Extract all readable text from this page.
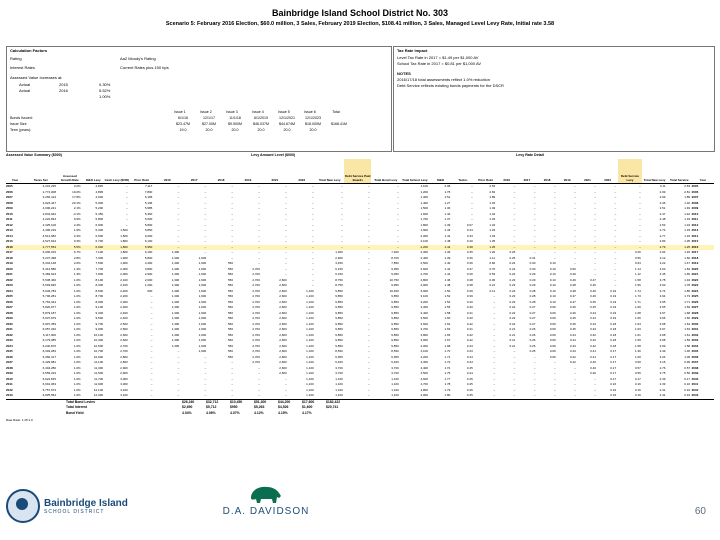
Bainbridge Island School District No. 303
Scenario 5: February 2016 Election, $60.0 million, 3 Sales, February 2019 Election, $108.41 million, 3 Sales, Managed Level Levy Rate, Initial rate 3.58
Calculation Factors
Rating	Aa2 Moody's Rating
Interest Rates	Current Rates plus 150 bps
Assessed Value Increases at:
Actual	2015	0.30%
Actual	2016	5.52%
1.00%
Issue 1	Issue 2	Issue 3	Issue 4	Issue 5	Issue 6	Total
Bonds Issued:	6/1/16	12/1/17	11/1/18	6/1/2019	12/1/2021	12/1/2023
Issue Size	$23.47M	$27.00M	$9.500M	$46.037M	$44.674M	$18.000M	$168.41M
Term (years):	19.0	20.0	20.0	20.0	20.0	20.0
Tax Rate Impact
Level Tax Rate in 2017 = $1.49 per $1,000 AV
School Tax Rate in 2017 = $0.81 per $1,000 AV
NOTES
2016/17/18 total assessments reflect 1.0% reduction
Debt Service reflects existing bonds payments for the DSCR
Assessed Value Summary ($000)	Levy Amount Level ($000)	Levy Rate Detail
Year	Taxes Set
Assessed Growth Rate	M&O Levy	Cash Levy ($000)	Prior Debt	2016	2017	2018	2019	2021	2023	Total New Levy
Debt Service Paid Boards	Total Bond Levy	Total School Levy	M&O	Techn.	Prior Debt	2016	2017	2018	2019	2021	2023
Debt Service Levy	Total New Levy	Total Service	Year
2005	2,331,235	3.2%	4,825	–	7,117	–	–	–	–	–	–	–	–	–	1,100	2.08	–	2.53	–	–	–	–	–	–	–	3.11	2.53 2005
2006	2,774,008	19.0%	4,895	–	7,800	–	–	–	–	–	–	–	–	–	1,200	1.76	–	2.81	–	–	–	–	–	–	–	2.99	2.81 2006
2007	3,266,414	17.8%	4,930	–	6,196	–	–	–	–	–	–	–	–	–	1,300	1.51	–	1.89	–	–	–	–	–	–	–	2.69	1.89 2007
2008	3,924,447	20.1%	5,000	–	5,196	–	–	–	–	–	–	–	–	–	1,400	1.27	–	1.32	–	–	–	–	–	–	–	2.36	1.32 2008
2009	4,006,221	2.1%	5,200	–	5,985	–	–	–	–	–	–	–	–	–	1,500	1.30	–	1.49	–	–	–	–	–	–	–	2.51	1.49 2009
2010	3,843,942	-4.1%	5,450	–	5,460	–	–	–	–	–	–	–	–	–	1,600	1.42	–	1.42	–	–	–	–	–	–	–	2.47	1.42 2010
2011	4,222,834	9.9%	5,800	–	5,600	–	–	–	–	–	–	–	–	–	1,700	1.37	–	1.33	–	–	–	–	–	–	–	2.48	1.33 2011
2012	4,325,106	2.4%	6,000	–	5,800	–	–	–	–	–	–	–	–	–	1,800	1.39	0.07	1.34	–	–	–	–	–	–	–	2.53	1.34 2012
2013	4,406,219	1.9%	6,300	1,500	5,850	–	–	–	–	–	–	–	–	–	1,900	1.43	0.34	1.33	–	–	–	–	–	–	–	2.74	1.33 2013
2014	4,514,082	2.4%	6,500	1,500	6,000	–	–	–	–	–	–	–	–	–	2,000	1.44	0.33	1.33	–	–	–	–	–	–	–	2.77	1.33 2014
2015	4,527,624	0.3%	6,700	1,800	6,100	–	–	–	–	–	–	–	–	–	2,100	1.48	0.40	1.35	–	–	–	–	–	–	–	2.83	1.35 2015
2016	4,777,553	5.5%	6,900	1,800	5,950	–	–	–	–	–	–	–	–	–	2,200	1.44	0.38	1.25	–	–	–	–	–	–	–	2.79	1.25 2016
2017	5,096,015	6.7%	7,100	1,800	6,100	1,300	–	–	–	–	–	1,300	–	7,400	2,300	1.39	0.35	1.20	0.26	–	–	–	–	–	0.26	2.94	1.45 2017
2018	5,237,498	2.8%	7,300	1,900	5,800	1,300	1,600	–	–	–	–	2,900	–	8,700	2,400	1.39	0.36	1.11	0.25	0.31	–	–	–	–	0.56	3.12	1.66 2018
2019	5,344,148	2.0%	7,500	1,900	4,400	1,300	1,600	550	–	–	–	3,450	–	7,850	2,500	1.40	0.36	0.82	0.24	0.30	0.10	–	–	–	0.64	3.22	1.47 2019
2020	5,412,586	1.3%	7,700	2,000	3,800	1,300	1,600	550	2,700	–	–	6,150	–	9,950	2,600	1.42	0.37	0.70	0.24	0.30	0.10	0.50	–	–	1.14	3.63	1.84 2020
2021	5,483,624	1.3%	7,900	2,000	2,900	1,300	1,600	550	2,700	–	–	6,150	–	9,050	2,700	1.44	0.36	0.53	0.24	0.29	0.10	0.49	–	–	1.12	3.45	1.65 2021
2022	5,538,460	1.0%	8,100	2,100	2,000	1,300	1,600	550	2,700	2,600	–	8,750	–	10,750	2,800	1.46	0.38	0.36	0.23	0.29	0.10	0.49	0.47	–	1.58	3.78	1.94 2022
2023	5,593,845	1.0%	8,300	2,100	1,200	1,300	1,600	550	2,700	2,600	–	8,750	–	9,950	2,900	1.48	0.38	0.21	0.23	0.29	0.10	0.48	0.46	–	1.56	3.63	1.78 2023
2024	5,649,783	1.0%	8,500	2,200	600	1,300	1,600	550	2,700	2,600	1,100	9,850	–	10,450	3,000	1.50	0.39	0.11	0.23	0.28	0.10	0.48	0.46	0.19	1.74	3.74	1.85 2024
2025	5,706,281	1.0%	8,700	2,200	–	1,300	1,600	550	2,700	2,600	1,100	9,850	–	9,850	3,100	1.52	0.39	–	0.23	0.28	0.10	0.47	0.46	0.19	1.73	3.64	1.73 2025
2026	5,763,344	1.0%	8,900	2,300	–	1,300	1,600	550	2,700	2,600	1,100	9,850	–	9,850	3,200	1.54	0.40	–	0.23	0.28	0.10	0.47	0.45	0.19	1.71	3.65	1.71 2026
2027	5,820,977	1.0%	9,100	2,300	–	1,300	1,600	550	2,700	2,600	1,100	9,850	–	9,850	3,300	1.56	0.40	–	0.22	0.27	0.09	0.46	0.45	0.19	1.69	3.65	1.69 2027
2028	5,879,187	1.0%	9,300	2,400	–	1,300	1,600	550	2,700	2,600	1,100	9,850	–	9,850	3,400	1.58	0.41	–	0.22	0.27	0.09	0.46	0.44	0.19	1.68	3.67	1.68 2028
2029	5,937,979	1.0%	9,500	2,400	–	1,300	1,600	550	2,700	2,600	1,100	9,850	–	9,850	3,500	1.60	0.40	–	0.22	0.27	0.09	0.45	0.44	0.19	1.66	3.66	1.66 2029
2030	5,997,359	1.0%	9,700	2,500	–	1,300	1,600	550	2,700	2,600	1,100	9,850	–	9,850	3,600	1.62	0.42	–	0.22	0.27	0.09	0.45	0.43	0.18	1.64	3.68	1.64 2030
2031	6,057,332	1.0%	9,900	2,500	–	1,300	1,600	550	2,700	2,600	1,100	9,850	–	9,850	3,700	1.63	0.41	–	0.21	0.26	0.09	0.45	0.43	0.18	1.63	3.67	1.63 2031
2032	6,117,906	1.0%	10,100	2,600	–	1,300	1,600	550	2,700	2,600	1,100	9,850	–	9,850	3,800	1.65	0.42	–	0.21	0.26	0.09	0.44	0.42	0.18	1.61	3.68	1.61 2032
2033	6,179,085	1.0%	10,300	2,600	–	1,300	1,600	550	2,700	2,600	1,100	9,850	–	9,850	3,900	1.67	0.42	–	0.21	0.26	0.09	0.44	0.42	0.18	1.59	3.68	1.59 2033
2034	6,240,876	1.0%	10,500	2,700	–	1,300	1,600	550	2,700	2,600	1,100	9,850	–	9,850	4,000	1.68	0.43	–	0.21	0.26	0.09	0.43	0.42	0.18	1.58	3.69	1.58 2034
2035	6,303,284	1.0%	10,700	2,700	–	–	1,600	550	2,700	2,600	1,100	8,550	–	8,550	4,100	1.70	0.43	–	–	0.25	0.09	0.43	0.41	0.17	1.36	3.49	1.36 2035
2036	6,366,317	1.0%	10,900	2,800	–	–	–	550	2,700	2,600	1,100	6,950	–	6,950	4,200	1.71	0.44	–	–	–	0.09	0.42	0.41	0.17	1.09	3.24	1.09 2036
2037	6,429,981	1.0%	11,100	2,800	–	–	–	–	2,700	2,600	1,100	6,400	–	6,400	4,300	1.73	0.44	–	–	–	–	0.42	0.40	0.17	0.99	3.16	0.99 2037
2038	6,494,280	1.0%	11,300	2,900	–	–	–	–	–	2,600	1,100	3,700	–	3,700	4,400	1.74	0.45	–	–	–	–	–	0.40	0.17	0.57	2.76	0.57 2038
2039	6,559,223	1.0%	11,500	2,900	–	–	–	–	–	2,600	1,100	3,700	–	3,700	4,500	1.75	0.44	–	–	–	–	–	0.40	0.17	0.56	2.75	0.56 2039
2040	6,624,815	1.0%	11,700	3,000	–	–	–	–	–	–	1,100	1,100	–	1,100	4,600	1.77	0.45	–	–	–	–	–	–	0.17	0.17	2.39	0.17 2040
2041	6,691,063	1.0%	11,900	3,000	–	–	–	–	–	–	1,100	1,100	–	1,100	4,700	1.78	0.45	–	–	–	–	–	–	0.16	0.16	2.39	0.16 2041
2042	6,757,974	1.0%	12,100	3,100	–	–	–	–	–	–	1,100	1,100	–	1,100	4,800	1.79	0.46	–	–	–	–	–	–	0.16	0.16	2.41	0.16 2042
2043	6,825,554	1.0%	12,300	3,100	–	–	–	–	–	–	1,100	1,100	–	1,100	4,900	1.80	0.45	–	–	–	–	–	–	0.16	0.16	2.41	0.16 2043
Total Bond Levies	$26,160	$32,712	$10,450	$51,300	$44,200	$17,600	$182,422
Total Interest	$2,690	$5,712	$950	$5,263	$4,526	$1,600	$20,741
Bond Yield	4.04%	4.06%	4.07%	4.12%	4.15%	4.17%
Rate Ratio: 1.25:1.0
Bainbridge Island
SCHOOL DISTRICT	D.A. DAVIDSON	60
